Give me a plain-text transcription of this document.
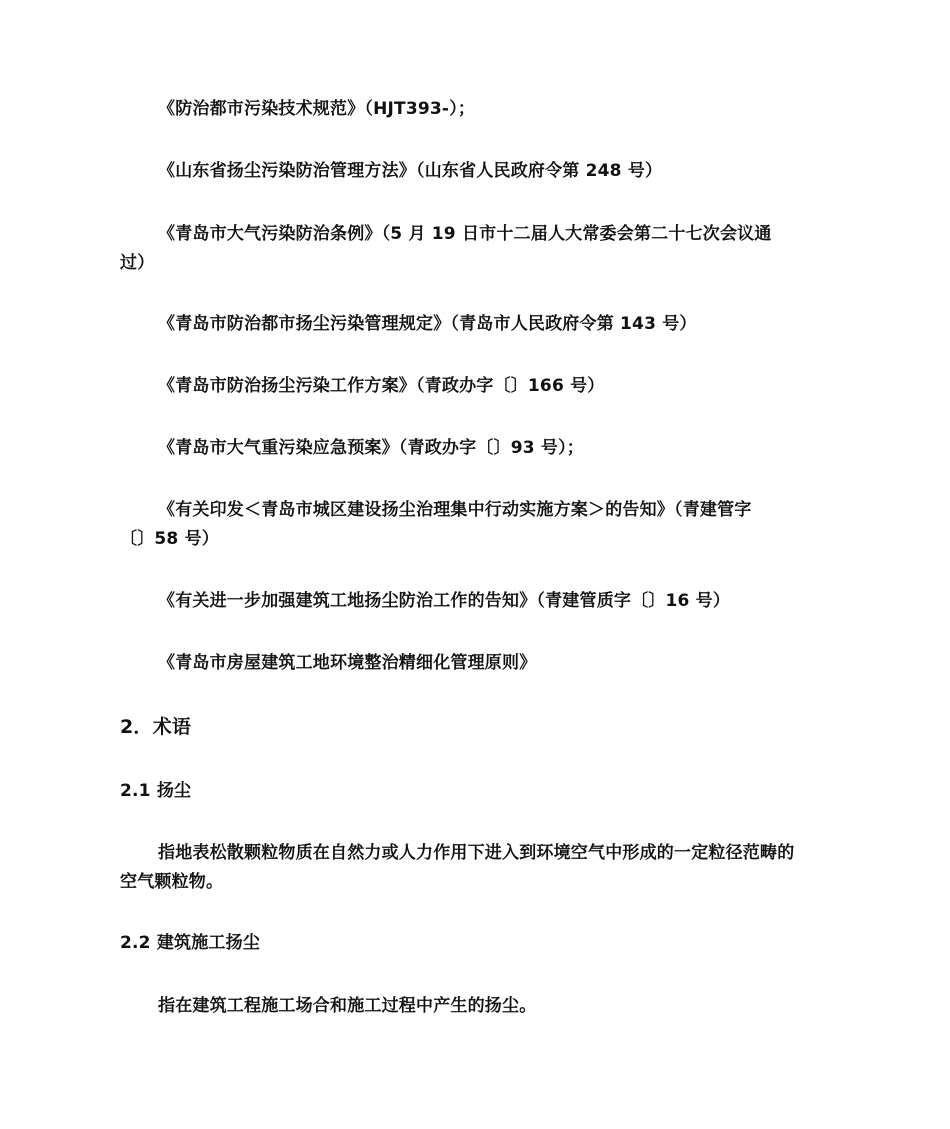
《防治都市污染技术规范》（HJT393-）；
《山东省扬尘污染防治管理方法》（山东省人民政府令第 248 号）
《青岛市大气污染防治条例》（5 月 19 日市十二届人大常委会第二十七次会议通
过）
《青岛市防治都市扬尘污染管理规定》（青岛市人民政府令第 143 号）
《青岛市防治扬尘污染工作方案》（青政办字〔〕166 号）
《青岛市大气重污染应急预案》（青政办字〔〕93 号）；
《有关印发＜青岛市城区建设扬尘治理集中行动实施方案＞的告知》（青建管字
〔〕58 号）
《有关进一步加强建筑工地扬尘防治工作的告知》（青建管质字〔〕16 号）
《青岛市房屋建筑工地环境整治精细化管理原则》
2．术语
2.1 扬尘
指地表松散颗粒物质在自然力或人力作用下进入到环境空气中形成的一定粒径范畴的
空气颗粒物。
2.2 建筑施工扬尘
指在建筑工程施工场合和施工过程中产生的扬尘。
